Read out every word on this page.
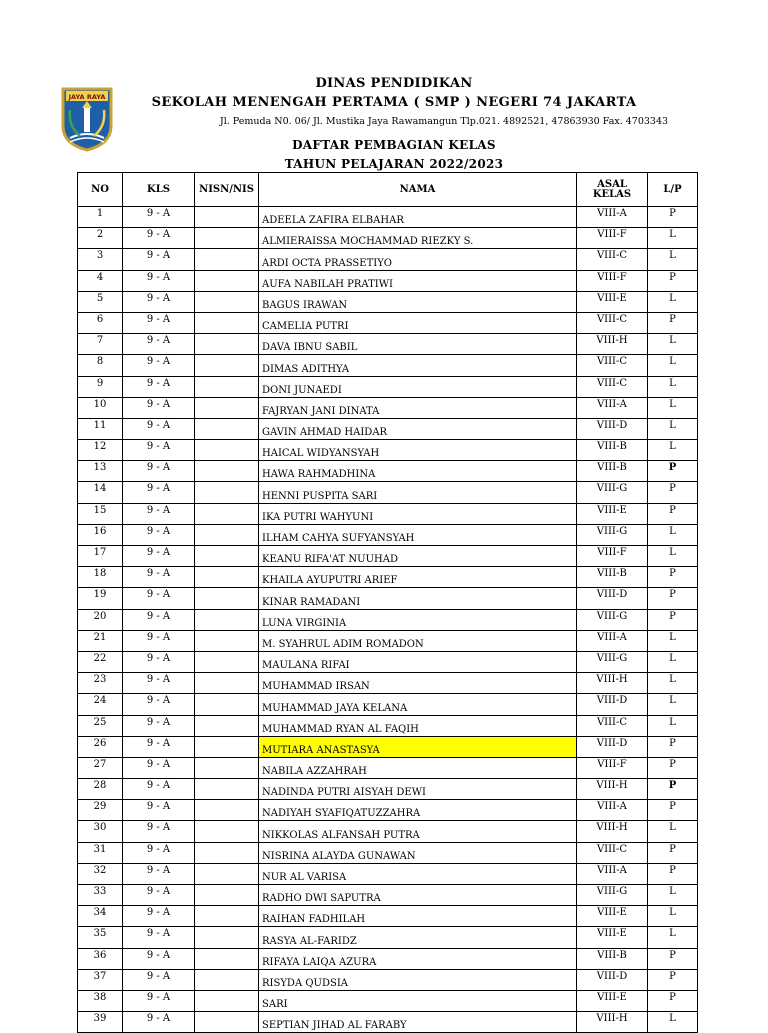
JAYA RAYA
DINAS PENDIDIKAN
SEKOLAH MENENGAH PERTAMA ( SMP ) NEGERI 74 JAKARTA
Jl. Pemuda N0. 06/ Jl. Mustika Jaya Rawamangun Tlp.021. 4892521, 47863930 Fax. 4703343
DAFTAR PEMBAGIAN KELAS
TAHUN PELAJARAN 2022/2023
NO	KLS	NISN/NIS	NAMA	ASAL KELAS	L/P
1	9 - A		ADEELA ZAFIRA ELBAHAR	VIII-A	P
2	9 - A		ALMIERAISSA MOCHAMMAD RIEZKY S.	VIII-F	L
3	9 - A		ARDI OCTA PRASSETIYO	VIII-C	L
4	9 - A		AUFA NABILAH PRATIWI	VIII-F	P
5	9 - A		BAGUS IRAWAN	VIII-E	L
6	9 - A		CAMELIA PUTRI	VIII-C	P
7	9 - A		DAVA IBNU SABIL	VIII-H	L
8	9 - A		DIMAS ADITHYA	VIII-C	L
9	9 - A		DONI JUNAEDI	VIII-C	L
10	9 - A		FAJRYAN JANI DINATA	VIII-A	L
11	9 - A		GAVIN AHMAD HAIDAR	VIII-D	L
12	9 - A		HAICAL WIDYANSYAH	VIII-B	L
13	9 - A		HAWA RAHMADHINA	VIII-B	P
14	9 - A		HENNI PUSPITA SARI	VIII-G	P
15	9 - A		IKA PUTRI WAHYUNI	VIII-E	P
16	9 - A		ILHAM CAHYA SUFYANSYAH	VIII-G	L
17	9 - A		KEANU RIFA'AT NUUHAD	VIII-F	L
18	9 - A		KHAILA AYUPUTRI ARIEF	VIII-B	P
19	9 - A		KINAR RAMADANI	VIII-D	P
20	9 - A		LUNA VIRGINIA	VIII-G	P
21	9 - A		M. SYAHRUL ADIM ROMADON	VIII-A	L
22	9 - A		MAULANA RIFAI	VIII-G	L
23	9 - A		MUHAMMAD IRSAN	VIII-H	L
24	9 - A		MUHAMMAD JAYA KELANA	VIII-D	L
25	9 - A		MUHAMMAD RYAN AL FAQIH	VIII-C	L
26	9 - A		MUTIARA ANASTASYA	VIII-D	P
27	9 - A		NABILA AZZAHRAH	VIII-F	P
28	9 - A		NADINDA PUTRI AISYAH DEWI	VIII-H	P
29	9 - A		NADIYAH SYAFIQATUZZAHRA	VIII-A	P
30	9 - A		NIKKOLAS ALFANSAH PUTRA	VIII-H	L
31	9 - A		NISRINA ALAYDA GUNAWAN	VIII-C	P
32	9 - A		NUR AL VARISA	VIII-A	P
33	9 - A		RADHO DWI SAPUTRA	VIII-G	L
34	9 - A		RAIHAN FADHILAH	VIII-E	L
35	9 - A		RASYA AL-FARIDZ	VIII-E	L
36	9 - A		RIFAYA LAIQA AZURA	VIII-B	P
37	9 - A		RISYDA QUDSIA	VIII-D	P
38	9 - A		SARI	VIII-E	P
39	9 - A		SEPTIAN JIHAD AL FARABY	VIII-H	L
